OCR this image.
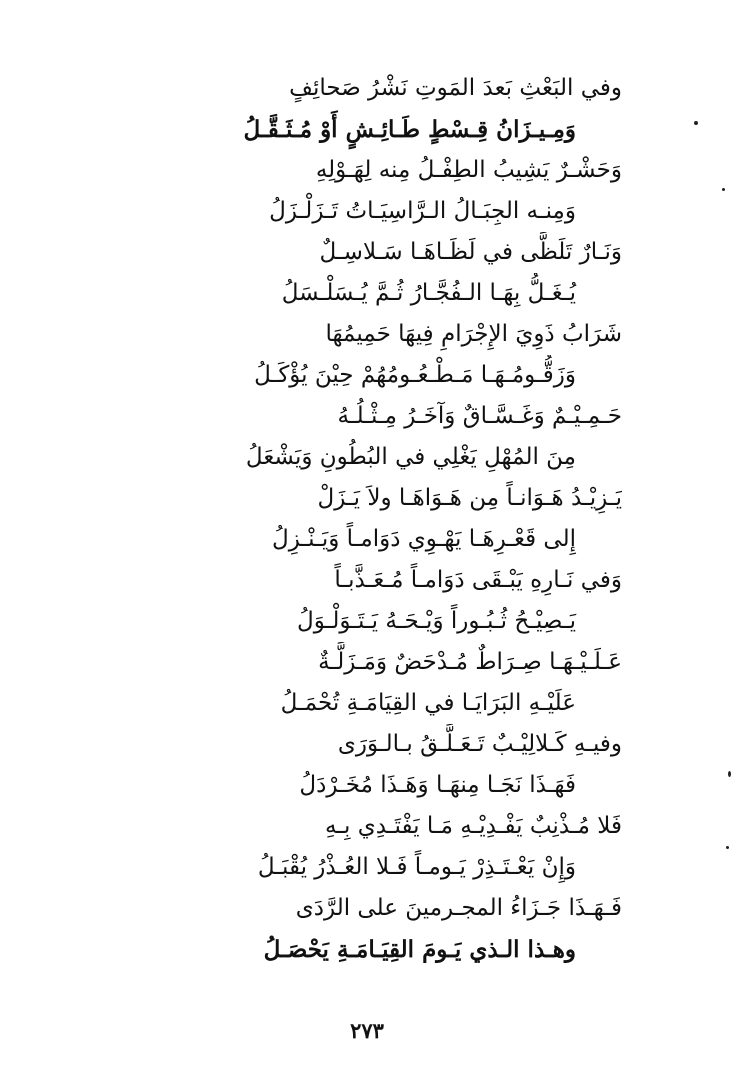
وفي البَعْثِ بَعدَ المَوتِ نَشْرُ صَحائِفٍ
وَمِـيـزَانُ قِـسْطٍ طَـائِـشٍ أَوْ مُـثَـقَّـلُ
وَحَشْـرٌ يَشِيبُ الطِفْـلُ مِنه لِهَـوْلِهِ
وَمِنـه الجِبَـالُ الـرَّاسِيَـاتُ تَـزَلْـزَلُ
وَنَـارٌ تَلَظَّى في لَظَـاهَـا سَـلاسِـلٌ
يُـغَـلُّ بِهَـا الـفُجَّـارُ ثُـمَّ يُـسَلْـسَلُ
شَرَابُ ذَوِيَ الإِجْرَامِ فِيهَا حَمِيمُهَا
وَزَقُّـومُـهَـا مَـطْـعُـومُهُمْ حِيْنَ يُؤْكَـلُ
حَـمِـيْـمٌ وَغَـسَّـاقٌ وَآخَـرُ مِـثْـلُـهُ
مِنَ المُهْلِ يَغْلِي في البُطُونِ وَيَشْعَلُ
يَـزِيْـدُ هَـوَانـاً مِن هَـوَاهَـا ولاَ يَـزَلْ
إِلى قَعْـرِهَـا يَهْـوِي دَوَامـاً وَيَـنْـزِلُ
وَفي نَـارِهِ يَبْـقَى دَوَامـاً مُـعَـذَّبـاً
يَـصِيْـحُ ثُـبُـوراً وَيْـحَـهُ يَـتَـوَلْـوَلُ
عَـلَـيْـهَـا صِـرَاطٌ مُـدْحَضٌ وَمَـزَلَّـةٌ
عَلَيْـهِ البَرَايَـا في القِيَامَـةِ تُحْمَـلُ
وفيـهِ كَـلالِيْـبٌ تَـعَـلَّـقُ بـالـوَرَى
فَهَـذَا نَجَـا مِنهَـا وَهَـذَا مُخَـرْدَلُ
فَلا مُـذْنِبٌ يَفْـدِيْـهِ مَـا يَفْتَـدِي بِـهِ
وَإِنْ يَعْـتَـذِرْ يَـومـاً فَـلا العُـذْرُ يُقْبَـلُ
فَـهَـذَا جَـزَاءُ المجـرمينَ على الرَّدَى
وهـذا الـذي يَـومَ القِيَـامَـةِ يَحْصَـلُ
٢٧٣
